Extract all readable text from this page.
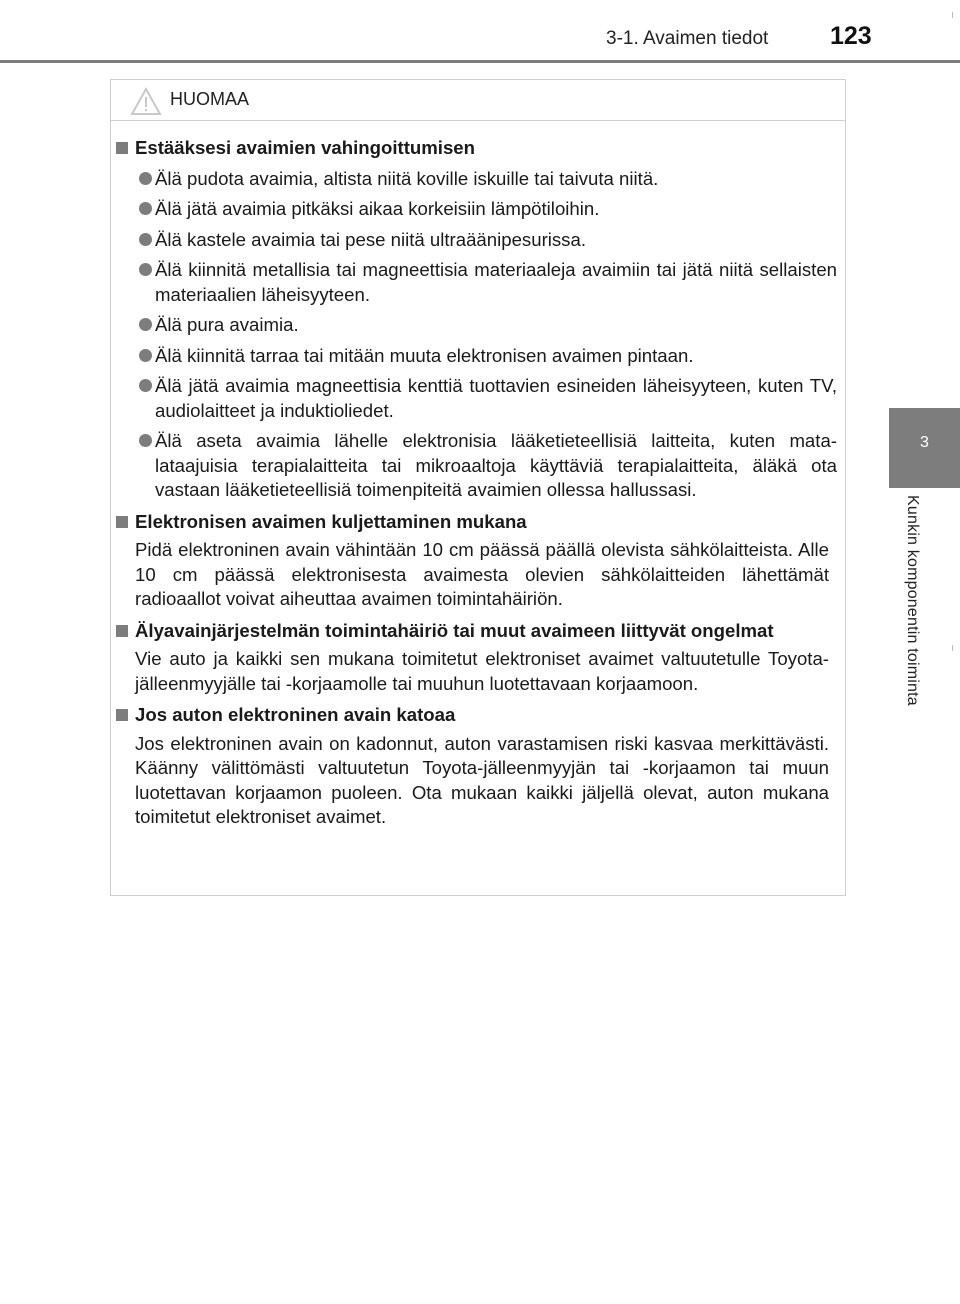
3-1. Avaimen tiedot 123
3
Kunkin komponentin toiminta
HUOMAA
Estääksesi avaimien vahingoittumisen
Älä pudota avaimia, altista niitä koville iskuille tai taivuta niitä.
Älä jätä avaimia pitkäksi aikaa korkeisiin lämpötiloihin.
Älä kastele avaimia tai pese niitä ultraäänipesurissa.
Älä kiinnitä metallisia tai magneettisia materiaaleja avaimiin tai jätä niitä sellaisten materiaalien läheisyyteen.
Älä pura avaimia.
Älä kiinnitä tarraa tai mitään muuta elektronisen avaimen pintaan.
Älä jätä avaimia magneettisia kenttiä tuottavien esineiden läheisyyteen, kuten TV, audiolaitteet ja induktioliedet.
Älä aseta avaimia lähelle elektronisia lääketieteellisiä laitteita, kuten matalataajuisia terapialaitteita tai mikroaaltoja käyttäviä terapialaitteita, äläkä ota vastaan lääketieteellisiä toimenpiteitä avaimien ollessa hallussasi.
Elektronisen avaimen kuljettaminen mukana
Pidä elektroninen avain vähintään 10 cm päässä päällä olevista sähkölaitteista. Alle 10 cm päässä elektronisesta avaimesta olevien sähkölaitteiden lähettämät radioaallot voivat aiheuttaa avaimen toimintahäiriön.
Älyavainjärjestelmän toimintahäiriö tai muut avaimeen liittyvät ongelmat
Vie auto ja kaikki sen mukana toimitetut elektroniset avaimet valtuutetulle Toyota-jälleenmyyjälle tai -korjaamolle tai muuhun luotettavaan korjaamoon.
Jos auton elektroninen avain katoaa
Jos elektroninen avain on kadonnut, auton varastamisen riski kasvaa merkittävästi. Käänny välittömästi valtuutetun Toyota-jälleenmyyjän tai -korjaamon tai muun luotettavan korjaamon puoleen. Ota mukaan kaikki jäljellä olevat, auton mukana toimitetut elektroniset avaimet.
